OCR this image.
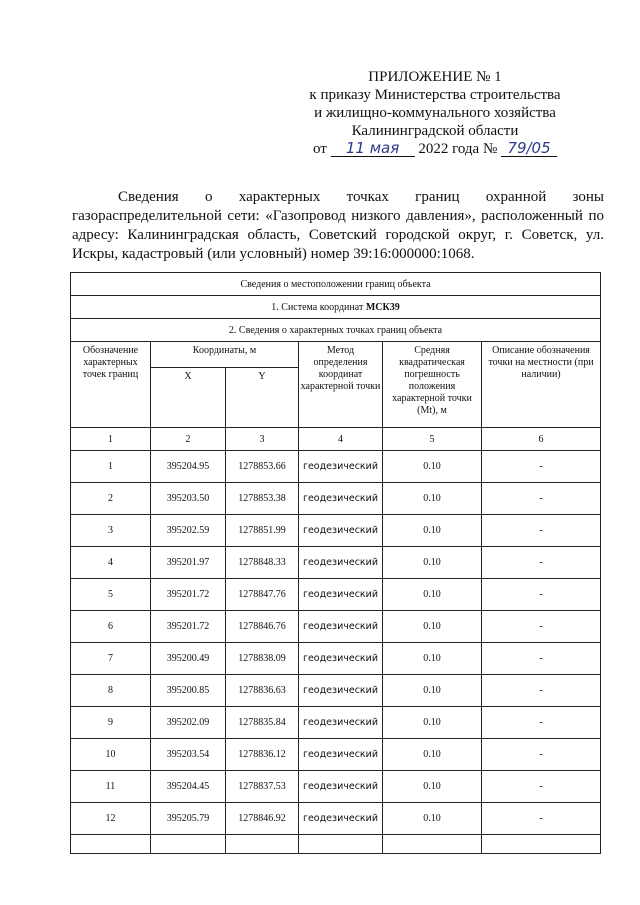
ПРИЛОЖЕНИЕ № 1
к приказу Министерства строительства
и жилищно-коммунального хозяйства
Калининградской области
от 11 мая 2022 года № 79/05
Сведения о характерных точках границ охранной зоны газораспределительной сети: «Газопровод низкого давления», расположенный по адресу: Калининградская область, Советский городской округ, г. Советск, ул. Искры, кадастровый (или условный) номер 39:16:000000:1068.
Сведения о местоположении границ объекта					
1. Система координат МСК39					
2. Сведения о характерных точках границ объекта					
Обозначение характерных точек границ	Координаты, м		Метод определения координат характерной точки	Средняя квадратическая погрешность положения характерной точки (Mt), м	Описание обозначения точки на местности (при наличии)
	X	Y			
1	2	3	4	5	6
1	395204.95	1278853.66	геодезический	0.10	-
2	395203.50	1278853.38	геодезический	0.10	-
3	395202.59	1278851.99	геодезический	0.10	-
4	395201.97	1278848.33	геодезический	0.10	-
5	395201.72	1278847.76	геодезический	0.10	-
6	395201.72	1278846.76	геодезический	0.10	-
7	395200.49	1278838.09	геодезический	0.10	-
8	395200.85	1278836.63	геодезический	0.10	-
9	395202.09	1278835.84	геодезический	0.10	-
10	395203.54	1278836.12	геодезический	0.10	-
11	395204.45	1278837.53	геодезический	0.10	-
12	395205.79	1278846.92	геодезический	0.10	-
